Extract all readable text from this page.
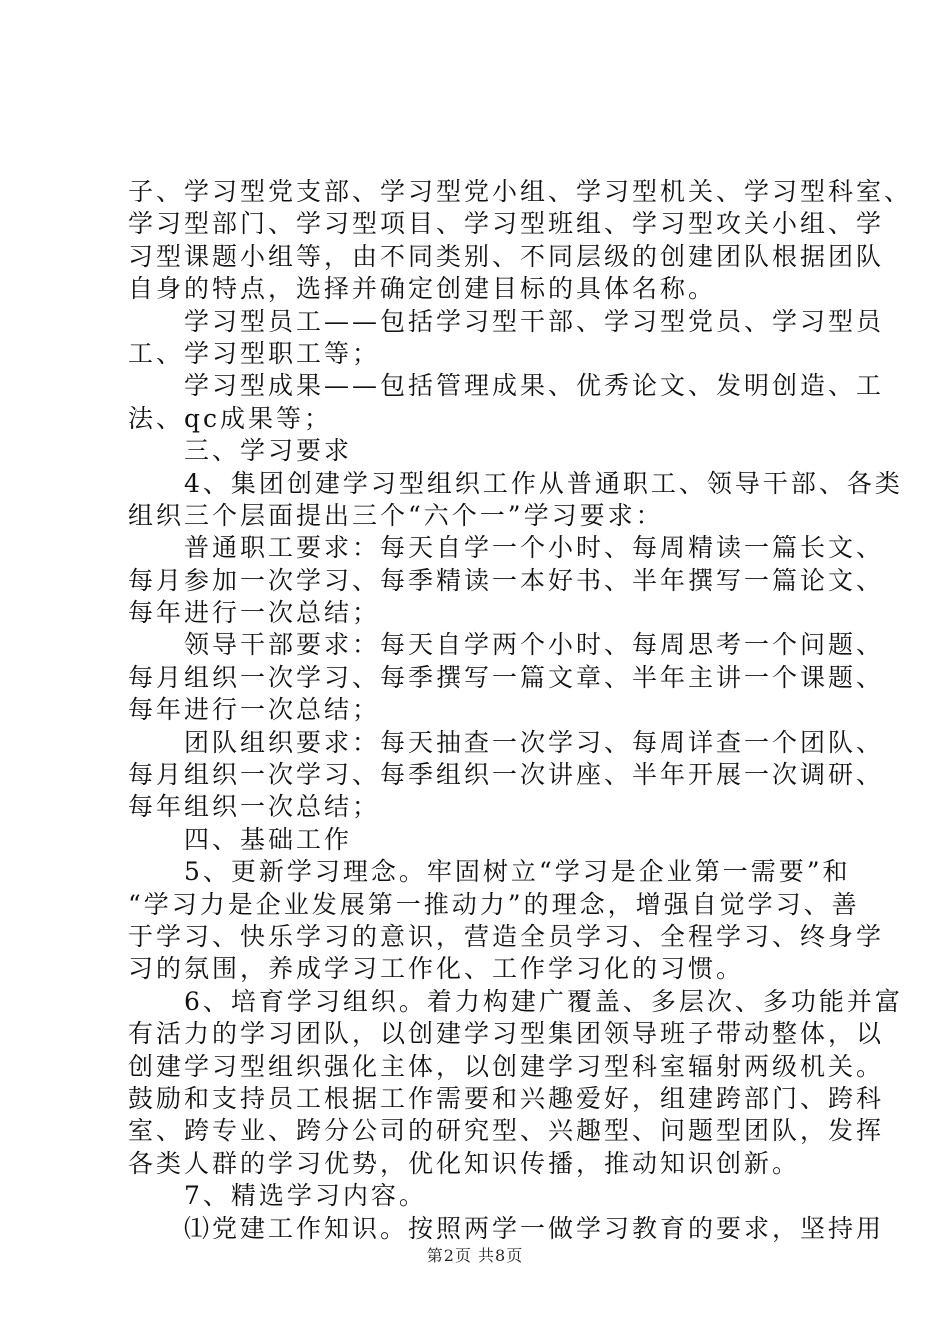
子、学习型党支部、学习型党小组、学习型机关、学习型科室、
学习型部门、学习型项目、学习型班组、学习型攻关小组、学
习型课题小组等，由不同类别、不同层级的创建团队根据团队
自身的特点，选择并确定创建目标的具体名称。
　　学习型员工——包括学习型干部、学习型党员、学习型员
工、学习型职工等；
　　学习型成果——包括管理成果、优秀论文、发明创造、工
法、qc成果等；
　　三、学习要求
　　4、集团创建学习型组织工作从普通职工、领导干部、各类
组织三个层面提出三个“六个一”学习要求：
　　普通职工要求：每天自学一个小时、每周精读一篇长文、
每月参加一次学习、每季精读一本好书、半年撰写一篇论文、
每年进行一次总结；
　　领导干部要求：每天自学两个小时、每周思考一个问题、
每月组织一次学习、每季撰写一篇文章、半年主讲一个课题、
每年进行一次总结；
　　团队组织要求：每天抽查一次学习、每周详查一个团队、
每月组织一次学习、每季组织一次讲座、半年开展一次调研、
每年组织一次总结；
　　四、基础工作
　　5、更新学习理念。牢固树立“学习是企业第一需要”和
“学习力是企业发展第一推动力”的理念，增强自觉学习、善
于学习、快乐学习的意识，营造全员学习、全程学习、终身学
习的氛围，养成学习工作化、工作学习化的习惯。
　　6、培育学习组织。着力构建广覆盖、多层次、多功能并富
有活力的学习团队，以创建学习型集团领导班子带动整体，以
创建学习型组织强化主体，以创建学习型科室辐射两级机关。
鼓励和支持员工根据工作需要和兴趣爱好，组建跨部门、跨科
室、跨专业、跨分公司的研究型、兴趣型、问题型团队，发挥
各类人群的学习优势，优化知识传播，推动知识创新。
　　7、精选学习内容。
　　⑴党建工作知识。按照两学一做学习教育的要求，坚持用
第2页 共8页
